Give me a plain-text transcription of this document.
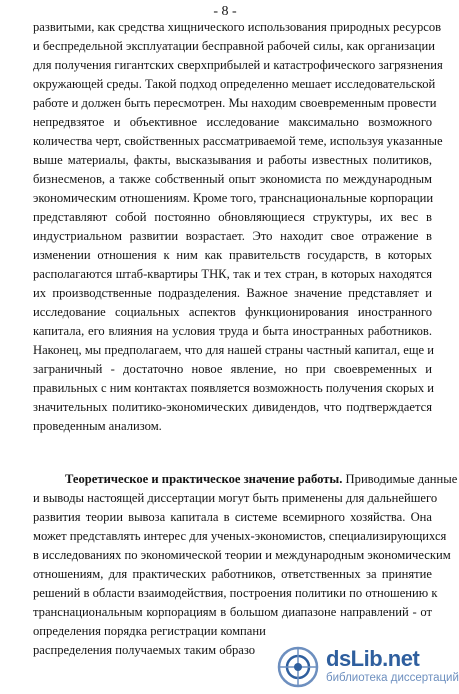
- 8 -
развитыми, как средства хищнического использования природных ресурсов
и беспредельной эксплуатации бесправной рабочей силы, как организации
для получения гигантских сверхприбылей и катастрофического загрязнения
окружающей среды. Такой подход определенно мешает исследовательской
работе и должен быть пересмотрен. Мы находим своевременным провести
непредвзятое и объективное исследование максимально возможного
количества черт, свойственных рассматриваемой теме, используя указанные
выше материалы, факты, высказывания и работы известных политиков,
бизнесменов, а также собственный опыт экономиста по международным
экономическим отношениям. Кроме того, транснациональные корпорации
представляют собой постоянно обновляющиеся структуры, их вес в
индустриальном развитии возрастает. Это находит свое отражение в
изменении отношения к ним как правительств государств, в которых
располагаются штаб-квартиры ТНК, так и тех стран, в которых находятся
их производственные подразделения. Важное значение представляет и
исследование социальных аспектов функционирования иностранного
капитала, его влияния на условия труда и быта иностранных работников.
Наконец, мы предполагаем, что для нашей страны частный капитал, еще и
заграничный - достаточно новое явление, но при своевременных и
правильных с ним контактах появляется возможность получения скорых и
значительных политико-экономических дивидендов, что подтверждается
проведенным анализом.
Теоретическое и практическое значение работы. Приводимые данные
и выводы настоящей диссертации могут быть применены для дальнейшего
развития теории вывоза капитала в системе всемирного хозяйства. Она
может представлять интерес для ученых-экономистов, специализирующихся
в исследованиях по экономической теории и международным экономическим
отношениям, для практических работников, ответственных за принятие
решений в области взаимодействия, построения политики по отношению к
транснациональным корпорациям в большом диапазоне направлений - от
определения порядка регистрации компани
распределения получаемых таким образо	dsLib.net
библиотека диссертаций
